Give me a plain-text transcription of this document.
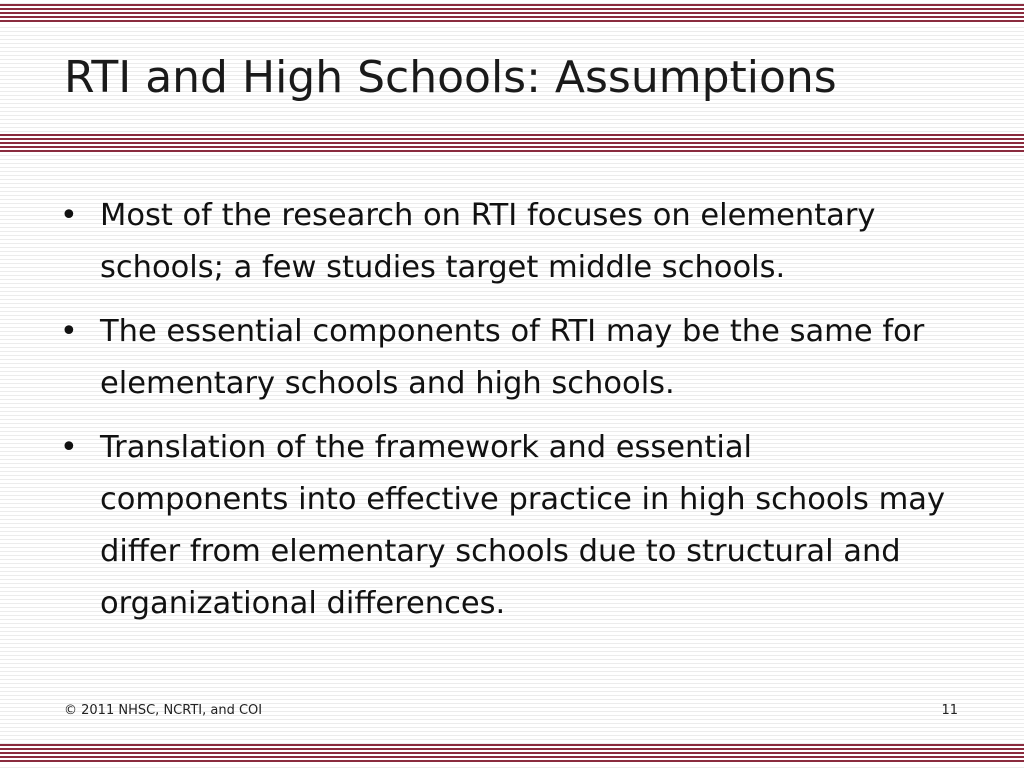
RTI and High Schools: Assumptions
• Most of the research on RTI focuses on elementary schools; a few studies target middle schools.
• The essential components of RTI may be the same for elementary schools and high schools.
• Translation of the framework and essential components into effective practice in high schools may differ from elementary schools due to structural and organizational differences.
© 2011 NHSC, NCRTI, and COI	11
